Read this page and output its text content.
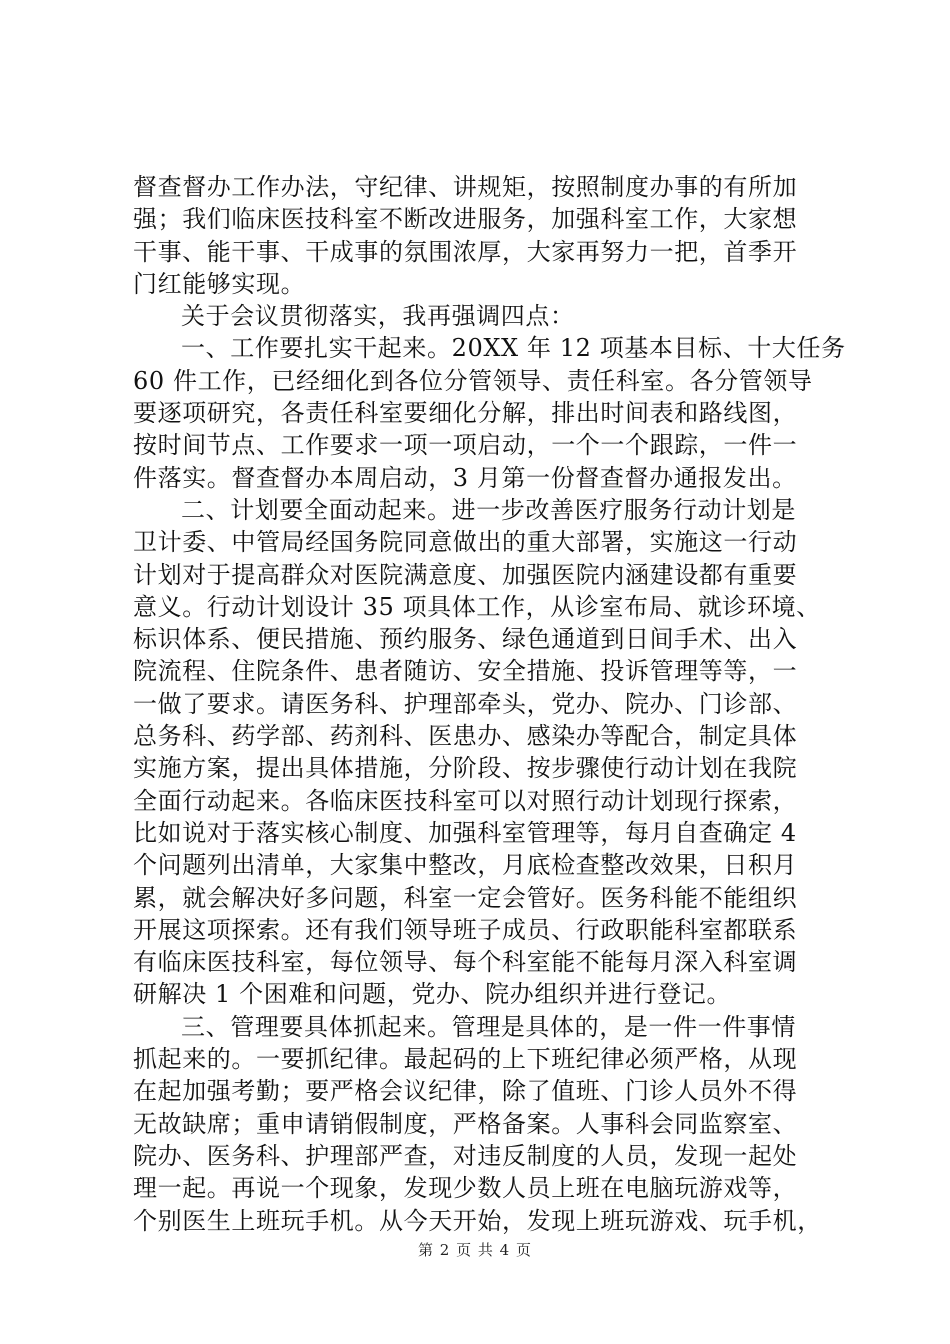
督查督办工作办法，守纪律、讲规矩，按照制度办事的有所加
强；我们临床医技科室不断改进服务，加强科室工作，大家想
干事、能干事、干成事的氛围浓厚，大家再努力一把，首季开
门红能够实现。
关于会议贯彻落实，我再强调四点：
一、工作要扎实干起来。20XX 年 12 项基本目标、十大任务
60 件工作，已经细化到各位分管领导、责任科室。各分管领导
要逐项研究，各责任科室要细化分解，排出时间表和路线图，
按时间节点、工作要求一项一项启动，一个一个跟踪，一件一
件落实。督查督办本周启动，3 月第一份督查督办通报发出。
二、计划要全面动起来。进一步改善医疗服务行动计划是
卫计委、中管局经国务院同意做出的重大部署，实施这一行动
计划对于提高群众对医院满意度、加强医院内涵建设都有重要
意义。行动计划设计 35 项具体工作，从诊室布局、就诊环境、
标识体系、便民措施、预约服务、绿色通道到日间手术、出入
院流程、住院条件、患者随访、安全措施、投诉管理等等，一
一做了要求。请医务科、护理部牵头，党办、院办、门诊部、
总务科、药学部、药剂科、医患办、感染办等配合，制定具体
实施方案，提出具体措施，分阶段、按步骤使行动计划在我院
全面行动起来。各临床医技科室可以对照行动计划现行探索，
比如说对于落实核心制度、加强科室管理等，每月自查确定 4
个问题列出清单，大家集中整改，月底检查整改效果，日积月
累，就会解决好多问题，科室一定会管好。医务科能不能组织
开展这项探索。还有我们领导班子成员、行政职能科室都联系
有临床医技科室，每位领导、每个科室能不能每月深入科室调
研解决 1 个困难和问题，党办、院办组织并进行登记。
三、管理要具体抓起来。管理是具体的，是一件一件事情
抓起来的。一要抓纪律。最起码的上下班纪律必须严格，从现
在起加强考勤；要严格会议纪律，除了值班、门诊人员外不得
无故缺席；重申请销假制度，严格备案。人事科会同监察室、
院办、医务科、护理部严查，对违反制度的人员，发现一起处
理一起。再说一个现象，发现少数人员上班在电脑玩游戏等，
个别医生上班玩手机。从今天开始，发现上班玩游戏、玩手机，
第 2 页 共 4 页
